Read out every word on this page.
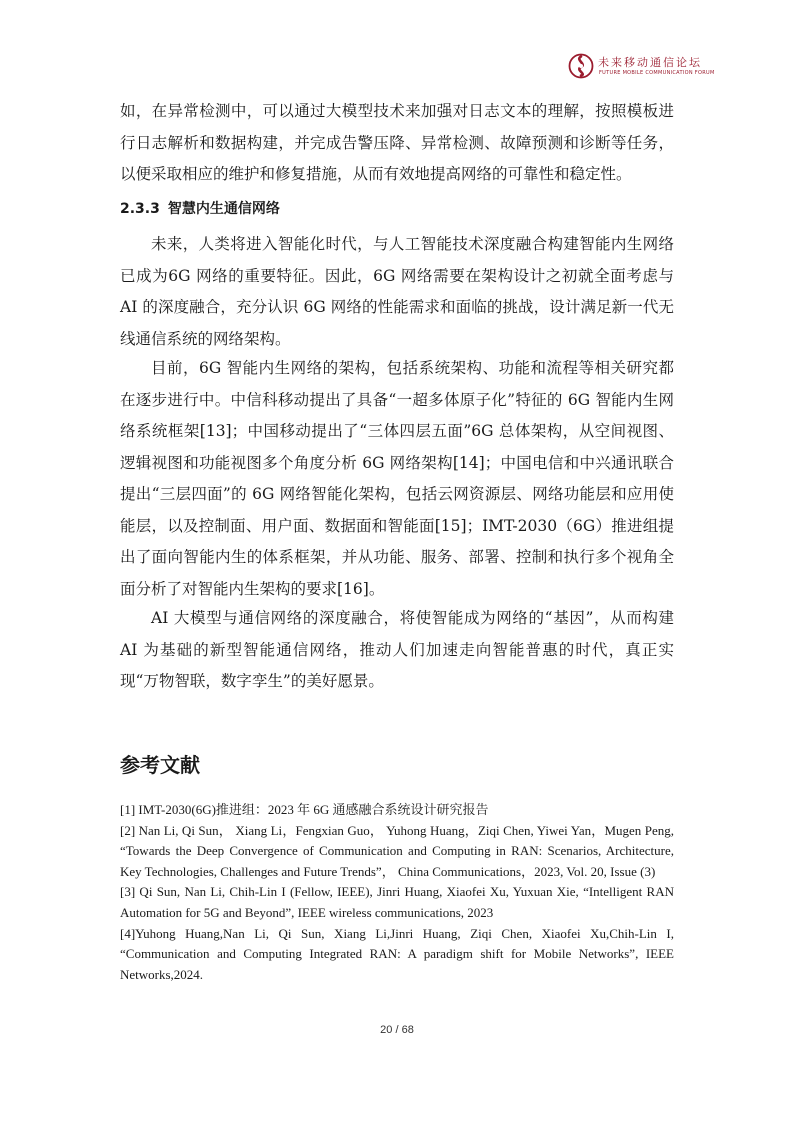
未来移动通信论坛
FUTURE MOBILE COMMUNICATION FORUM

如，在异常检测中，可以通过大模型技术来加强对日志文本的理解，按照模板进行日志解析和数据构建，并完成告警压降、异常检测、故障预测和诊断等任务，以便采取相应的维护和修复措施，从而有效地提高网络的可靠性和稳定性。

2.3.3 智慧内生通信网络

未来，人类将进入智能化时代，与人工智能技术深度融合构建智能内生网络已成为6G 网络的重要特征。因此，6G 网络需要在架构设计之初就全面考虑与 AI 的深度融合，充分认识 6G 网络的性能需求和面临的挑战，设计满足新一代无线通信系统的网络架构。

目前，6G 智能内生网络的架构，包括系统架构、功能和流程等相关研究都在逐步进行中。中信科移动提出了具备“一超多体原子化”特征的 6G 智能内生网络系统框架[13]；中国移动提出了“三体四层五面”6G 总体架构，从空间视图、逻辑视图和功能视图多个角度分析 6G 网络架构[14]；中国电信和中兴通讯联合提出“三层四面”的 6G 网络智能化架构，包括云网资源层、网络功能层和应用使能层，以及控制面、用户面、数据面和智能面[15]；IMT-2030（6G）推进组提出了面向智能内生的体系框架，并从功能、服务、部署、控制和执行多个视角全面分析了对智能内生架构的要求[16]。

AI 大模型与通信网络的深度融合，将使智能成为网络的“基因”，从而构建 AI 为基础的新型智能通信网络，推动人们加速走向智能普惠的时代，真正实现“万物智联，数字孪生”的美好愿景。

参考文献
[1] IMT-2030(6G)推进组：2023 年 6G 通感融合系统设计研究报告
[2] Nan Li, Qi Sun， Xiang Li，Fengxian Guo， Yuhong Huang，Ziqi Chen, Yiwei Yan，Mugen Peng, “Towards the Deep Convergence of Communication and Computing in RAN: Scenarios, Architecture, Key Technologies, Challenges and Future Trends”， China Communications，2023, Vol. 20, Issue (3)
[3] Qi Sun, Nan Li, Chih-Lin I (Fellow, IEEE), Jinri Huang, Xiaofei Xu, Yuxuan Xie, “Intelligent RAN Automation for 5G and Beyond”, IEEE wireless communications, 2023
[4]Yuhong Huang,Nan Li, Qi Sun, Xiang Li,Jinri Huang, Ziqi Chen, Xiaofei Xu,Chih-Lin I, “Communication and Computing Integrated RAN: A paradigm shift for Mobile Networks”, IEEE Networks,2024.
20 / 68
